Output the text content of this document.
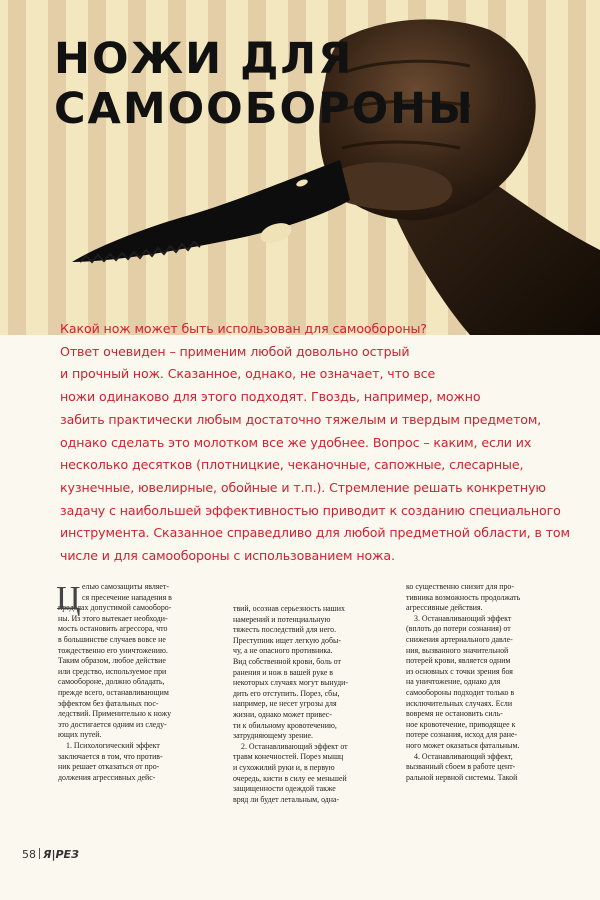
НОЖИ ДЛЯ
САМООБОРОНЫ
Какой нож может быть использован для самообороны?
Ответ очевиден – применим любой довольно острый
и прочный нож. Сказанное, однако, не означает, что все
ножи одинаково для этого подходят. Гвоздь, например, можно
забить практически любым достаточно тяжелым и твердым предметом,
однако сделать это молотком все же удобнее. Вопрос – каким, если их
несколько десятков (плотницкие, чеканочные, сапожные, слесарные,
кузнечные, ювелирные, обойные и т.п.). Стремление решать конкретную
задачу с наибольшей эффективностью приводит к созданию специального
инструмента. Сказанное справедливо для любой предметной области, в том
числе и для самообороны с использованием ножа.
Ц елью самозащиты являет-
ся пресечение нападения в
пределах допустимой самооборо-
ны. Из этого вытекает необходи-
мость остановить агрессора, что
в большинстве случаев вовсе не
тождественно его уничтожению.
Таким образом, любое действие
или средство, используемое при
самообороне, должно обладать,
прежде всего, останавливающим
эффектом без фатальных пос-
ледствий. Применительно к ножу
это достигается одним из следу-
ющих путей.
1. Психологический эффект
заключается в том, что против-
ник решает отказаться от про-
должения агрессивных дейс-
твий, осознав серьезность наших
намерений и потенциальную
тяжесть последствий для него.
Преступник ищет легкую добы-
чу, а не опасного противника.
Вид собственной крови, боль от
ранения и нож в вашей руке в
некоторых случаях могут вынуди-
дить его отступить. Порез, сбы,
например, не несет угрозы для
жизни, однако может привес-
ти к обильному кровотечению,
затрудняющему зрение.
2. Останавливающий эффект от
травм конечностей. Порез мышц
и сухожилий руки и, в первую
очередь, кисти в силу ее меньшей
защищенности одеждой также
вряд ли будет летальным, одна-
ко существенно снизит для про-
тивника возможность продолжать
агрессивные действия.
3. Останавливающий эффект
(вплоть до потери сознания) от
снижения артериального давле-
ния, вызванного значительной
потерей крови, является одним
из основных с точки зрения боя
на уничтожение, однако для
самообороны подходит только в
исключительных случаях. Если
вовремя не остановить силь-
ное кровотечение, приводящее к
потере сознания, исход для ране-
ного может оказаться фатальным.
4. Останавливающий эффект,
вызванный сбоем в работе цент-
ральной нервной системы. Такой
58 Я|РЕЗ
